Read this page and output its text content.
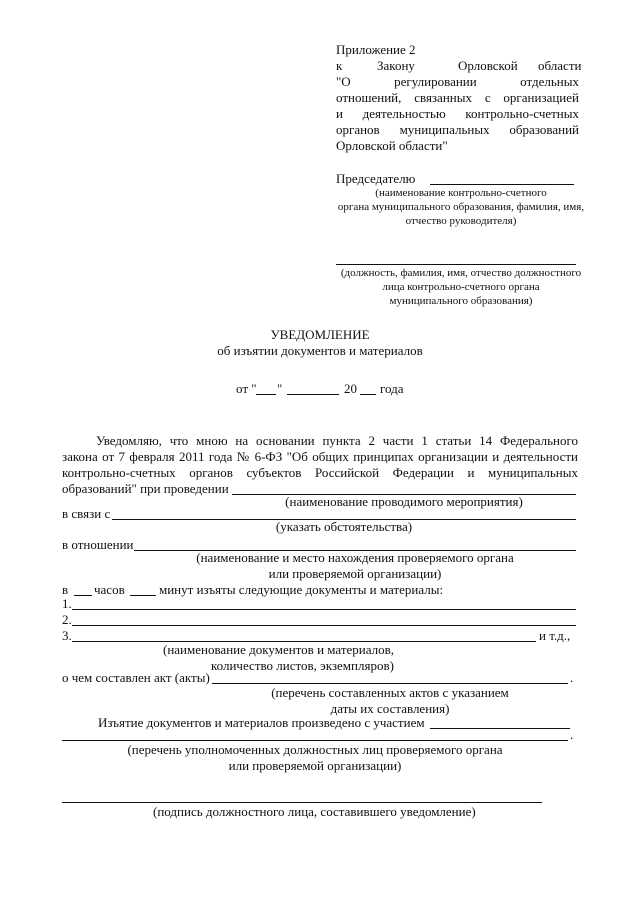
Приложение 2
к	Закону	Орловской области
"О регулировании отдельных
отношений, связанных с организацией
и деятельностью контрольно-счетных
органов муниципальных образований
Орловской области"
Председателю
(наименование контрольно-счетного
органа муниципального образования, фамилия, имя,
отчество руководителя)
(должность, фамилия, имя, отчество должностного
лица контрольно-счетного органа
муниципального образования)
УВЕДОМЛЕНИЕ
об изъятии документов и материалов
от " "	20 года
Уведомляю, что мною на основании пункта 2 части 1 статьи 14 Федерального
закона от 7 февраля 2011 года № 6-ФЗ "Об общих принципах организации и деятельности
контрольно-счетных органов субъектов Российской Федерации и муниципальных
образований" при проведении
(наименование проводимого мероприятия)
в связи с
(указать обстоятельства)
в отношении
(наименование и место нахождения проверяемого органа
или проверяемой организации)
в часов	минут изъяты следующие документы и материалы:
1.
2.
3.	и т.д.,
(наименование документов и материалов,
количество листов, экземпляров)
о чем составлен акт (акты)	.
(перечень составленных актов с указанием
даты их составления)
Изъятие документов и материалов произведено с участием
.
(перечень уполномоченных должностных лиц проверяемого органа
или проверяемой организации)
(подпись должностного лица, составившего уведомление)
